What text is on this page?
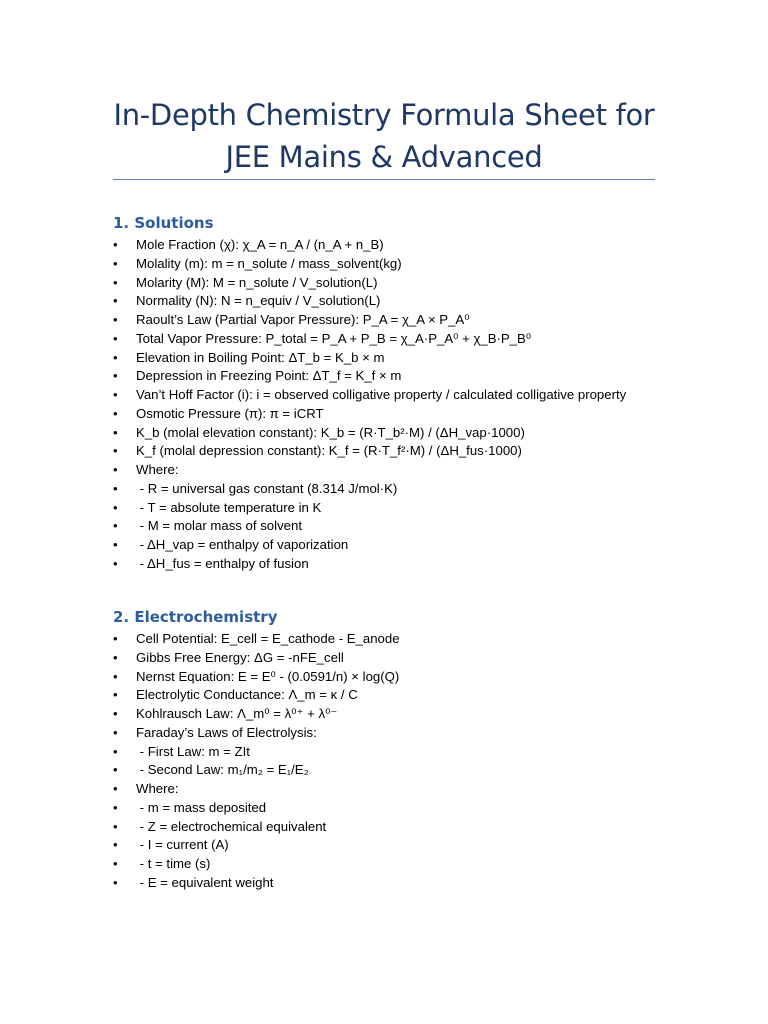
In-Depth Chemistry Formula Sheet for
JEE Mains & Advanced
1. Solutions
•	Mole Fraction (χ): χ_A = n_A / (n_A + n_B)
•	Molality (m): m = n_solute / mass_solvent(kg)
•	Molarity (M): M = n_solute / V_solution(L)
•	Normality (N): N = n_equiv / V_solution(L)
•	Raoult’s Law (Partial Vapor Pressure): P_A = χ_A × P_A⁰
•	Total Vapor Pressure: P_total = P_A + P_B = χ_A·P_A⁰ + χ_B·P_B⁰
•	Elevation in Boiling Point: ΔT_b = K_b × m
•	Depression in Freezing Point: ΔT_f = K_f × m
•	Van’t Hoff Factor (i): i = observed colligative property / calculated colligative property
•	Osmotic Pressure (π): π = iCRT
•	K_b (molal elevation constant): K_b = (R·T_b²·M) / (ΔH_vap·1000)
•	K_f (molal depression constant): K_f = (R·T_f²·M) / (ΔH_fus·1000)
•	Where:
•	- R = universal gas constant (8.314 J/mol·K)
•	- T = absolute temperature in K
•	- M = molar mass of solvent
•	- ΔH_vap = enthalpy of vaporization
•	- ΔH_fus = enthalpy of fusion
2. Electrochemistry
•	Cell Potential: E_cell = E_cathode - E_anode
•	Gibbs Free Energy: ΔG = -nFE_cell
•	Nernst Equation: E = E⁰ - (0.0591/n) × log(Q)
•	Electrolytic Conductance: Λ_m = κ / C
•	Kohlrausch Law: Λ_m⁰ = λ⁰⁺ + λ⁰⁻
•	Faraday’s Laws of Electrolysis:
•	- First Law: m = ZIt
•	- Second Law: m₁/m₂ = E₁/E₂
•	Where:
•	- m = mass deposited
•	- Z = electrochemical equivalent
•	- I = current (A)
•	- t = time (s)
•	- E = equivalent weight
